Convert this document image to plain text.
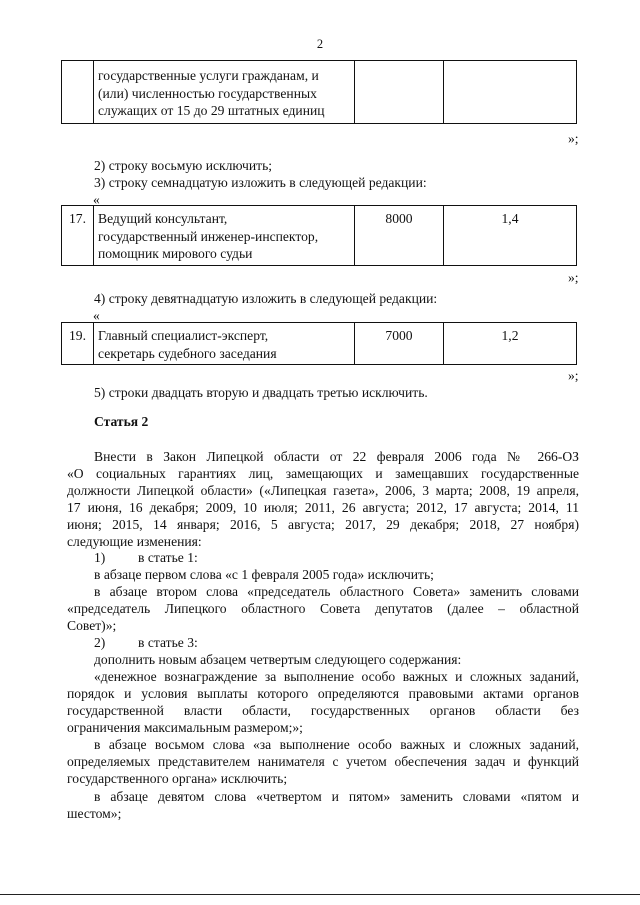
2

государственные услуги гражданам, и
(или) численностью государственных
служащих от 15 до 29 штатных единиц

»;
2) строку восьмую исключить;
3) строку семнадцатую изложить в следующей редакции:
«
17.	Ведущий консультант,
государственный инженер-инспектор,
помощник мирового судьи
	8000	1,4
»;
4) строку девятнадцатую изложить в следующей редакции:
«
19.	Главный специалист-эксперт,
секретарь судебного заседания
	7000	1,2
»;
5) строки двадцать вторую и двадцать третью исключить.
Статья 2
Внести в Закон Липецкой области от 22 февраля 2006 года № 266-ОЗ
«О социальных гарантиях лиц, замещающих и замещавших государственные
должности Липецкой области» («Липецкая газета», 2006, 3 марта; 2008, 19 апреля,
17 июня, 16 декабря; 2009, 10 июля; 2011, 26 августа; 2012, 17 августа; 2014, 11
июня; 2015, 14 января; 2016, 5 августа; 2017, 29 декабря; 2018, 27 ноября)
следующие изменения:
1) в статье 1:
в абзаце первом слова «с 1 февраля 2005 года» исключить;
в абзаце втором слова «председатель областного Совета» заменить словами
«председатель Липецкого областного Совета депутатов (далее – областной
Совет)»;
2) в статье 3:
дополнить новым абзацем четвертым следующего содержания:
«денежное вознаграждение за выполнение особо важных и сложных заданий,
порядок и условия выплаты которого определяются правовыми актами органов
государственной власти области, государственных органов области без
ограничения максимальным размером;»;
в абзаце восьмом слова «за выполнение особо важных и сложных заданий,
определяемых представителем нанимателя с учетом обеспечения задач и функций
государственного органа» исключить;
в абзаце девятом слова «четвертом и пятом» заменить словами «пятом и
шестом»;
